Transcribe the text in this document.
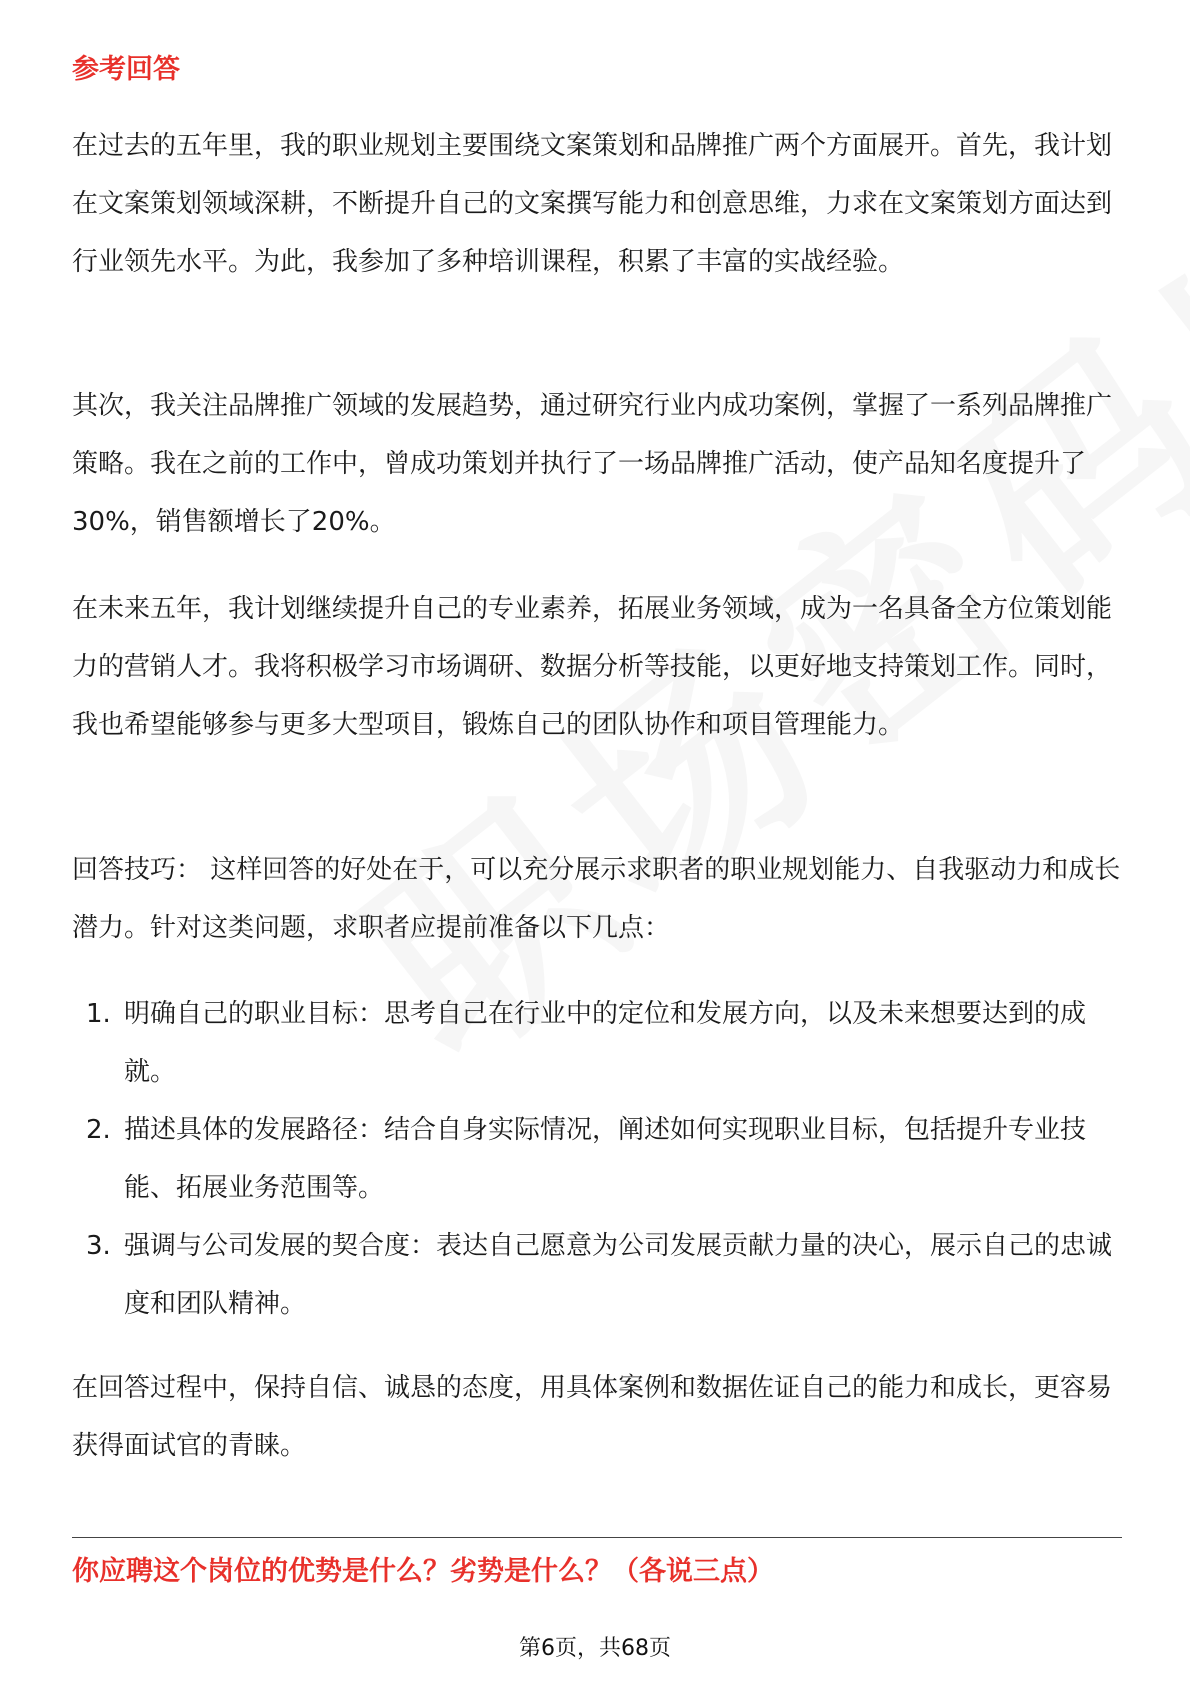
参考回答

在过去的五年里，我的职业规划主要围绕文案策划和品牌推广两个方面展开。首先，我计划在文案策划领域深耕，不断提升自己的文案撰写能力和创意思维，力求在文案策划方面达到行业领先水平。为此，我参加了多种培训课程，积累了丰富的实战经验。

其次，我关注品牌推广领域的发展趋势，通过研究行业内成功案例，掌握了一系列品牌推广策略。我在之前的工作中，曾成功策划并执行了一场品牌推广活动，使产品知名度提升了30%，销售额增长了20%。

在未来五年，我计划继续提升自己的专业素养，拓展业务领域，成为一名具备全方位策划能力的营销人才。我将积极学习市场调研、数据分析等技能，以更好地支持策划工作。同时，我也希望能够参与更多大型项目，锻炼自己的团队协作和项目管理能力。

回答技巧： 这样回答的好处在于，可以充分展示求职者的职业规划能力、自我驱动力和成长潜力。针对这类问题，求职者应提前准备以下几点：

1. 明确自己的职业目标：思考自己在行业中的定位和发展方向，以及未来想要达到的成就。
2. 描述具体的发展路径：结合自身实际情况，阐述如何实现职业目标，包括提升专业技能、拓展业务范围等。
3. 强调与公司发展的契合度：表达自己愿意为公司发展贡献力量的决心，展示自己的忠诚度和团队精神。

在回答过程中，保持自信、诚恳的态度，用具体案例和数据佐证自己的能力和成长，更容易获得面试官的青睐。

你应聘这个岗位的优势是什么？劣势是什么？（各说三点）
第6页，共68页
